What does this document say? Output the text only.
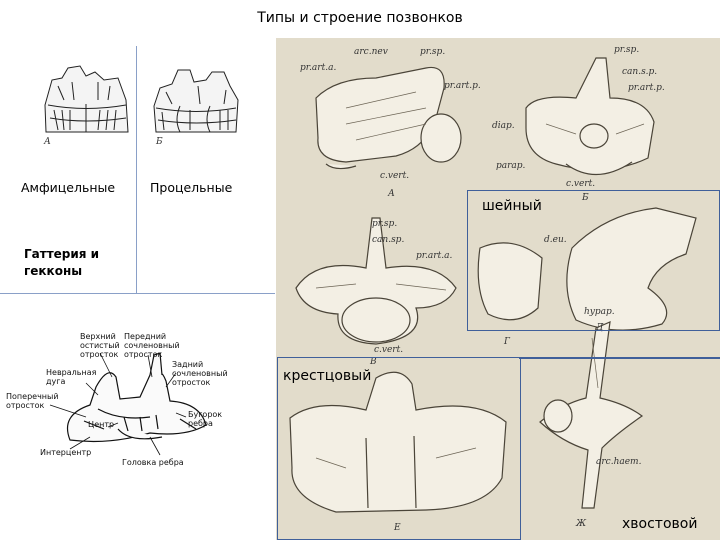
Типы и строение позвонков
А	Б
Амфицельные	Процельные
Гаттерия и
гекконы
Верхний
остистый
отросток
Передний
сочленовный
отросток
Задний
сочленовный
отросток
Невральная
дуга
Поперечный
отросток
Бугорок
ребра
Центр
Интерцентр
Головка ребра
arc.nev	pr.sp.
pr.art.a.
pr.art.p.
c.vert.
А
pr.sp.
can.s.p.
pr.art.p.
diap.
parap.
c.vert.
Б
pr.sp.
can.sp.
pr.art.a.
c.vert.
В
d.eu.
hypap.
Г
Д
arc.haem.
Е	Ж
шейный
крестцовый
хвостовой
